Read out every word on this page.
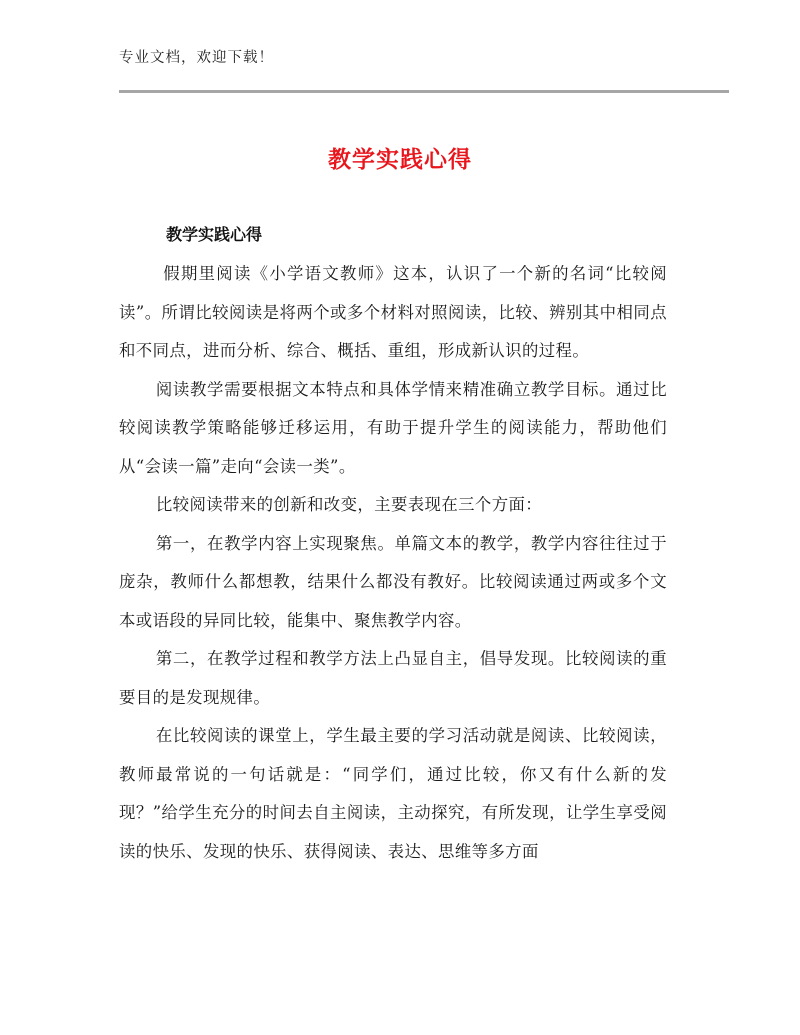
专业文档，欢迎下载！
教学实践心得
教学实践心得

假期里阅读《小学语文教师》这本，认识了一个新的名词“比较阅读”。所谓比较阅读是将两个或多个材料对照阅读，比较、辨别其中相同点和不同点，进而分析、综合、概括、重组，形成新认识的过程。

阅读教学需要根据文本特点和具体学情来精准确立教学目标。通过比较阅读教学策略能够迁移运用，有助于提升学生的阅读能力，帮助他们从“会读一篇”走向“会读一类”。

比较阅读带来的创新和改变，主要表现在三个方面：

第一，在教学内容上实现聚焦。单篇文本的教学，教学内容往往过于庞杂，教师什么都想教，结果什么都没有教好。比较阅读通过两或多个文本或语段的异同比较，能集中、聚焦教学内容。

第二，在教学过程和教学方法上凸显自主，倡导发现。比较阅读的重要目的是发现规律。

在比较阅读的课堂上，学生最主要的学习活动就是阅读、比较阅读，教师最常说的一句话就是：“同学们，通过比较，你又有什么新的发现？”给学生充分的时间去自主阅读，主动探究，有所发现，让学生享受阅读的快乐、发现的快乐、获得阅读、表达、思维等多方面
